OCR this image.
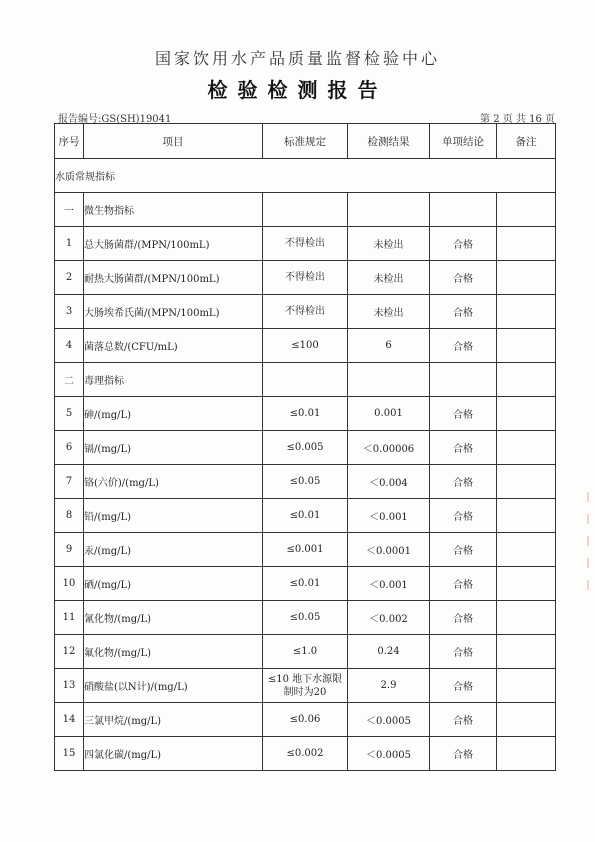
国家饮用水产品质量监督检验中心
检验检测报告
报告编号:GS(SH)19041	第 2 页 共 16 页
序号	项目	标准规定	检测结果	单项结论	备注
水质常规指标					
一	微生物指标				
1	总大肠菌群/(MPN/100mL)	不得检出	未检出	合格	
2	耐热大肠菌群/(MPN/100mL)	不得检出	未检出	合格	
3	大肠埃希氏菌/(MPN/100mL)	不得检出	未检出	合格	
4	菌落总数/(CFU/mL)	≤100	6	合格	
二	毒理指标				
5	砷/(mg/L)	≤0.01	0.001	合格	
6	镉/(mg/L)	≤0.005	＜0.00006	合格	
7	铬(六价)/(mg/L)	≤0.05	＜0.004	合格	
8	铅/(mg/L)	≤0.01	＜0.001	合格	
9	汞/(mg/L)	≤0.001	＜0.0001	合格	
10	硒/(mg/L)	≤0.01	＜0.001	合格	
11	氰化物/(mg/L)	≤0.05	＜0.002	合格	
12	氟化物/(mg/L)	≤1.0	0.24	合格	
13	硝酸盐(以N计)/(mg/L)	≤10 地下水源限制时为20	2.9	合格	
14	三氯甲烷/(mg/L)	≤0.06	＜0.0005	合格	
15	四氯化碳/(mg/L)	≤0.002	＜0.0005	合格	
